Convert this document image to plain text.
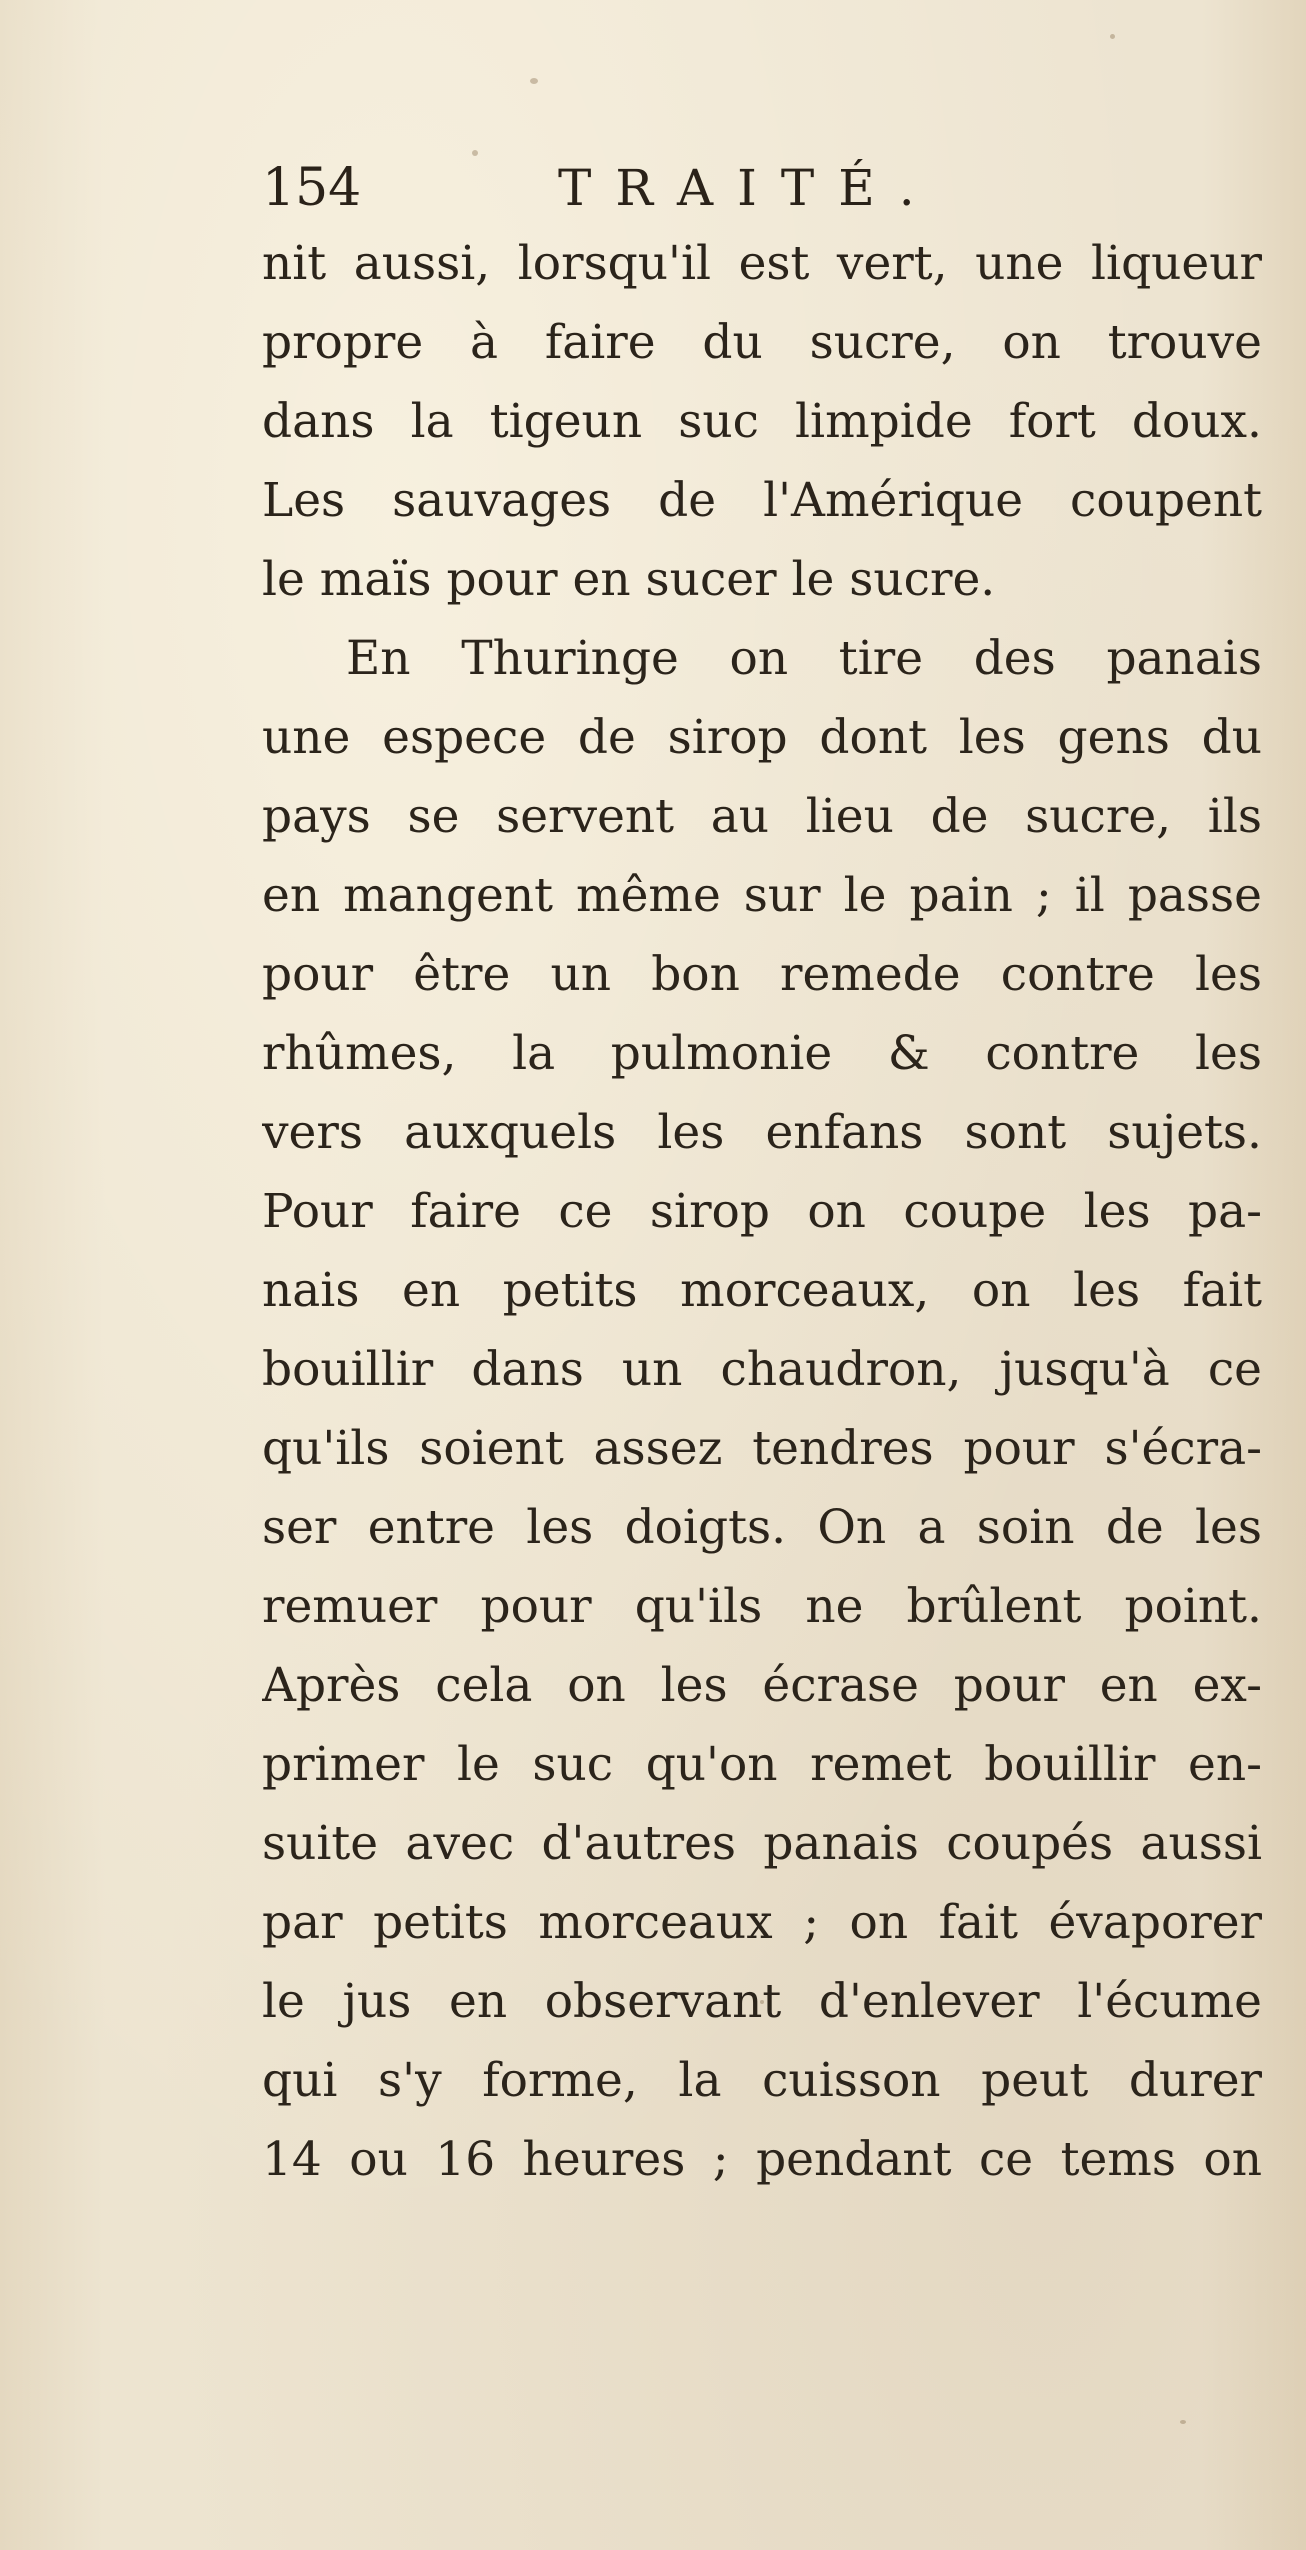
154	TRAITÉ.
nit aussi, lorsqu'il est vert, une liqueur
propre à faire du sucre, on trouve
dans la tigeun suc limpide fort doux.
Les sauvages de l'Amérique coupent
le maïs pour en sucer le sucre.
En Thuringe on tire des panais
une espece de sirop dont les gens du
pays se servent au lieu de sucre, ils
en mangent même sur le pain ; il passe
pour être un bon remede contre les
rhûmes, la pulmonie & contre les
vers auxquels les enfans sont sujets.
Pour faire ce sirop on coupe les pa-
nais en petits morceaux, on les fait
bouillir dans un chaudron, jusqu'à ce
qu'ils soient assez tendres pour s'écra-
ser entre les doigts. On a soin de les
remuer pour qu'ils ne brûlent point.
Après cela on les écrase pour en ex-
primer le suc qu'on remet bouillir en-
suite avec d'autres panais coupés aussi
par petits morceaux ; on fait évaporer
le jus en observant d'enlever l'écume
qui s'y forme, la cuisson peut durer
14 ou 16 heures ; pendant ce tems on
